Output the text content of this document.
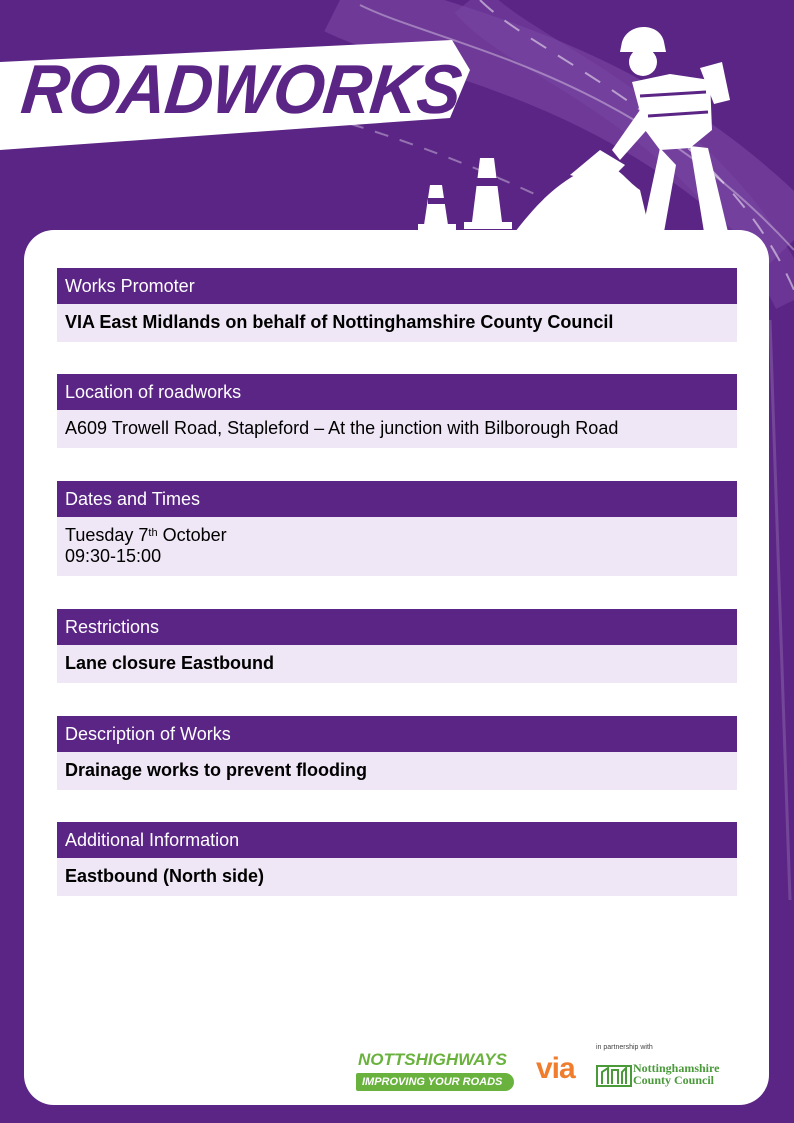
ROADWORKS
Works Promoter
VIA East Midlands on behalf of Nottinghamshire County Council
Location of roadworks
A609 Trowell Road, Stapleford – At the junction with Bilborough Road
Dates and Times
Tuesday 7th October
09:30-15:00
Restrictions
Lane closure Eastbound
Description of Works
Drainage works to prevent flooding
Additional Information
Eastbound (North side)
NOTTSHIGHWAYS
IMPROVING YOUR ROADS	via
in partnership with
Nottinghamshire
County Council
